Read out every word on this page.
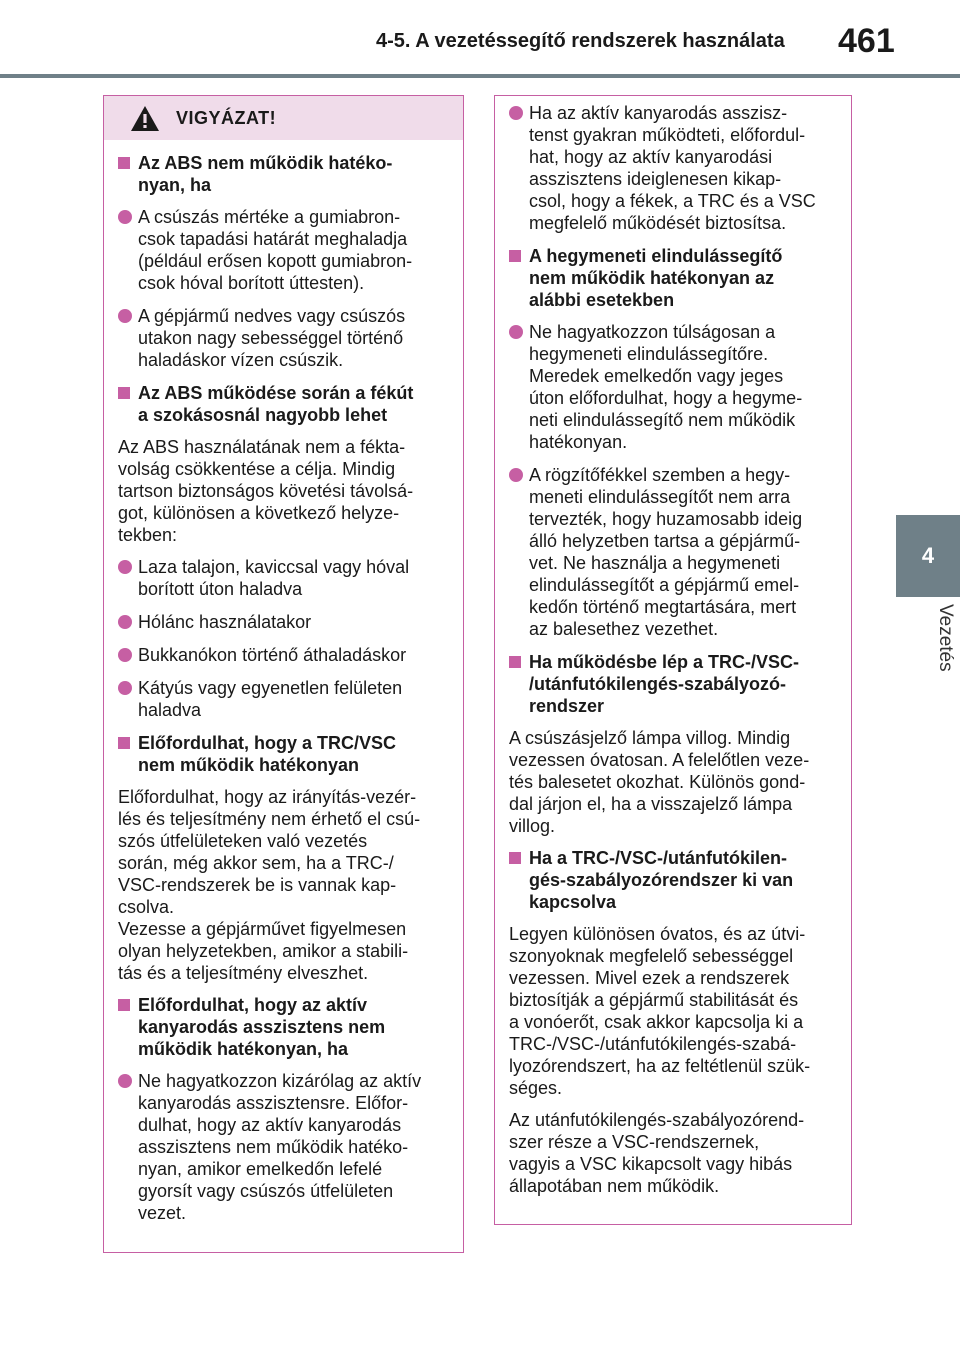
4-5. A vezetéssegítő rendszerek használata 461
4
Vezetés
VIGYÁZAT!
Az ABS nem működik hatéko-
nyan, ha
A csúszás mértéke a gumiabron-
csok tapadási határát meghaladja
(például erősen kopott gumiabron-
csok hóval borított úttesten).
A gépjármű nedves vagy csúszós
utakon nagy sebességgel történő
haladáskor vízen csúszik.
Az ABS működése során a fékút
a szokásosnál nagyobb lehet
Az ABS használatának nem a fékta-
volság csökkentése a célja. Mindig
tartson biztonságos követési távolsá-
got, különösen a következő helyze-
tekben:
Laza talajon, kaviccsal vagy hóval
borított úton haladva
Hólánc használatakor
Bukkanókon történő áthaladáskor
Kátyús vagy egyenetlen felületen
haladva
Előfordulhat, hogy a TRC/VSC
nem működik hatékonyan
Előfordulhat, hogy az irányítás-vezér-
lés és teljesítmény nem érhető el csú-
szós útfelületeken való vezetés
során, még akkor sem, ha a TRC-/
VSC-rendszerek be is vannak kap-
csolva.
Vezesse a gépjárművet figyelmesen
olyan helyzetekben, amikor a stabili-
tás és a teljesítmény elveszhet.
Előfordulhat, hogy az aktív
kanyarodás asszisztens nem
működik hatékonyan, ha
Ne hagyatkozzon kizárólag az aktív
kanyarodás asszisztensre. Előfor-
dulhat, hogy az aktív kanyarodás
asszisztens nem működik hatéko-
nyan, amikor emelkedőn lefelé
gyorsít vagy csúszós útfelületen
vezet.
Ha az aktív kanyarodás asszisz-
tenst gyakran működteti, előfordul-
hat, hogy az aktív kanyarodási
asszisztens ideiglenesen kikap-
csol, hogy a fékek, a TRC és a VSC
megfelelő működését biztosítsa.
A hegymeneti elindulássegítő
nem működik hatékonyan az
alábbi esetekben
Ne hagyatkozzon túlságosan a
hegymeneti elindulássegítőre.
Meredek emelkedőn vagy jeges
úton előfordulhat, hogy a hegyme-
neti elindulássegítő nem működik
hatékonyan.
A rögzítőfékkel szemben a hegy-
meneti elindulássegítőt nem arra
tervezték, hogy huzamosabb ideig
álló helyzetben tartsa a gépjármű-
vet. Ne használja a hegymeneti
elindulássegítőt a gépjármű emel-
kedőn történő megtartására, mert
az balesethez vezethet.
Ha működésbe lép a TRC-/VSC-
/utánfutókilengés-szabályozó-
rendszer
A csúszásjelző lámpa villog. Mindig
vezessen óvatosan. A felelőtlen veze-
tés balesetet okozhat. Különös gond-
dal járjon el, ha a visszajelző lámpa
villog.
Ha a TRC-/VSC-/utánfutókilen-
gés-szabályozórendszer ki van
kapcsolva
Legyen különösen óvatos, és az útvi-
szonyoknak megfelelő sebességgel
vezessen. Mivel ezek a rendszerek
biztosítják a gépjármű stabilitását és
a vonóerőt, csak akkor kapcsolja ki a
TRC-/VSC-/utánfutókilengés-szabá-
lyozórendszert, ha az feltétlenül szük-
séges.
Az utánfutókilengés-szabályozórend-
szer része a VSC-rendszernek,
vagyis a VSC kikapcsolt vagy hibás
állapotában nem működik.
